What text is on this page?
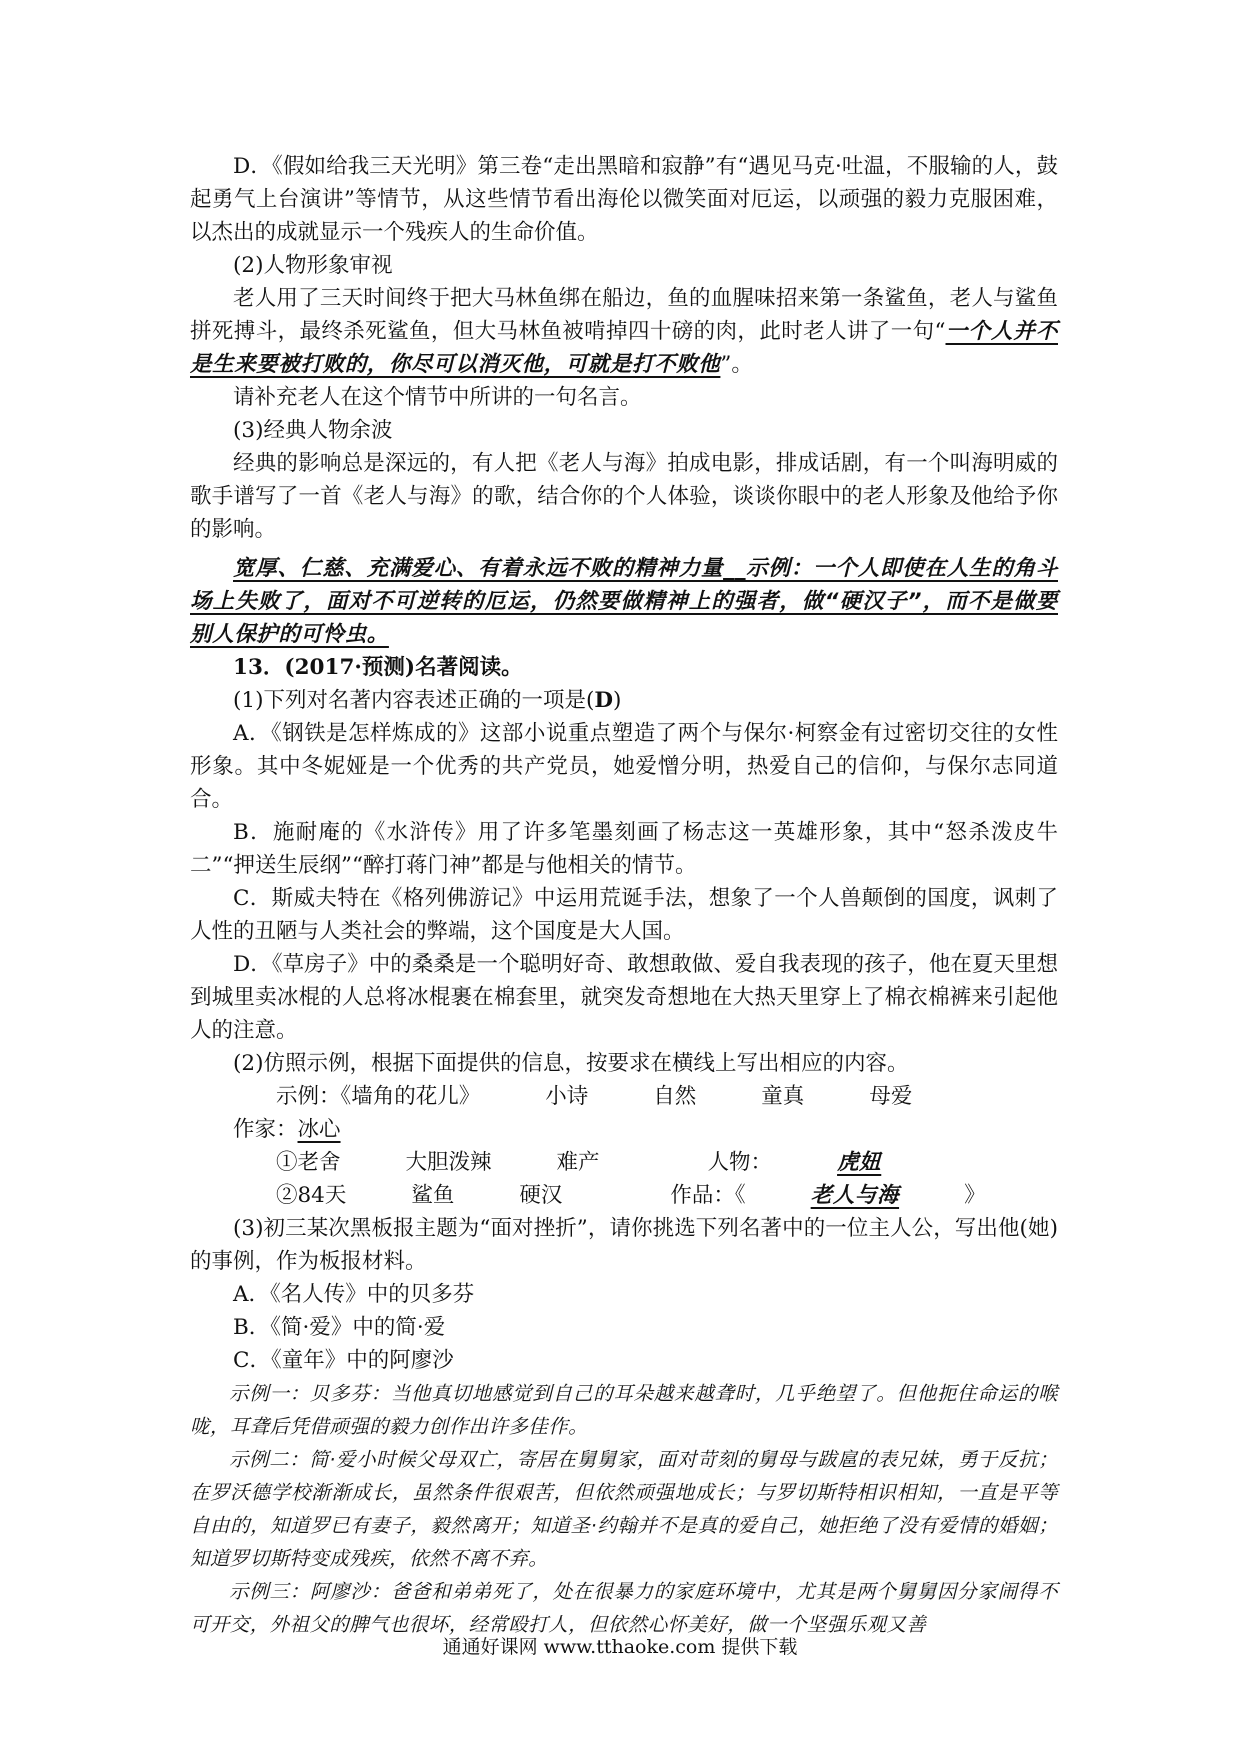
D．《假如给我三天光明》第三卷“走出黑暗和寂静”有“遇见马克·吐温，不服输的人，鼓起勇气上台演讲”等情节，从这些情节看出海伦以微笑面对厄运，以顽强的毅力克服困难，以杰出的成就显示一个残疾人的生命价值。

(2)人物形象审视

老人用了三天时间终于把大马林鱼绑在船边，鱼的血腥味招来第一条鲨鱼，老人与鲨鱼拼死搏斗，最终杀死鲨鱼，但大马林鱼被啃掉四十磅的肉，此时老人讲了一句“一个人并不是生来要被打败的，你尽可以消灭他，可就是打不败他”。

请补充老人在这个情节中所讲的一句名言。

(3)经典人物余波

经典的影响总是深远的，有人把《老人与海》拍成电影，排成话剧，有一个叫海明威的歌手谱写了一首《老人与海》的歌，结合你的个人体验，谈谈你眼中的老人形象及他给予你的影响。

宽厚、仁慈、充满爱心、有着永远不败的精神力量__示例：一个人即使在人生的角斗场上失败了，面对不可逆转的厄运，仍然要做精神上的强者，做“硬汉子”，而不是做要别人保护的可怜虫。

13．(2017·预测)名著阅读。

(1)下列对名著内容表述正确的一项是(D)

A．《钢铁是怎样炼成的》这部小说重点塑造了两个与保尔·柯察金有过密切交往的女性形象。其中冬妮娅是一个优秀的共产党员，她爱憎分明，热爱自己的信仰，与保尔志同道合。

B．施耐庵的《水浒传》用了许多笔墨刻画了杨志这一英雄形象，其中“怒杀泼皮牛二”“押送生辰纲”“醉打蒋门神”都是与他相关的情节。

C．斯威夫特在《格列佛游记》中运用荒诞手法，想象了一个人兽颠倒的国度，讽刺了人性的丑陋与人类社会的弊端，这个国度是大人国。

D．《草房子》中的桑桑是一个聪明好奇、敢想敢做、爱自我表现的孩子，他在夏天里想到城里卖冰棍的人总将冰棍裹在棉套里，就突发奇想地在大热天里穿上了棉衣棉裤来引起他人的注意。

(2)仿照示例，根据下面提供的信息，按要求在横线上写出相应的内容。

示例：《墙角的花儿》	小诗	自然	童真	母爱

作家：冰心

①老舍	大胆泼辣	难产	人物：	虎妞

②84天	鲨鱼	硬汉	作品：《	老人与海	》

(3)初三某次黑板报主题为“面对挫折”，请你挑选下列名著中的一位主人公，写出他(她)的事例，作为板报材料。

A．《名人传》中的贝多芬

B．《简·爱》中的简·爱

C．《童年》中的阿廖沙

示例一：贝多芬：当他真切地感觉到自己的耳朵越来越聋时，几乎绝望了。但他扼住命运的喉咙，耳聋后凭借顽强的毅力创作出许多佳作。

示例二：简·爱小时候父母双亡，寄居在舅舅家，面对苛刻的舅母与跋扈的表兄妹，勇于反抗；在罗沃德学校渐渐成长，虽然条件很艰苦，但依然顽强地成长；与罗切斯特相识相知，一直是平等自由的，知道罗已有妻子，毅然离开；知道圣·约翰并不是真的爱自己，她拒绝了没有爱情的婚姻；知道罗切斯特变成残疾，依然不离不弃。

示例三：阿廖沙：爸爸和弟弟死了，处在很暴力的家庭环境中，尤其是两个舅舅因分家闹得不可开交，外祖父的脾气也很坏，经常殴打人，但依然心怀美好，做一个坚强乐观又善

通通好课网 www.tthaoke.com 提供下载
